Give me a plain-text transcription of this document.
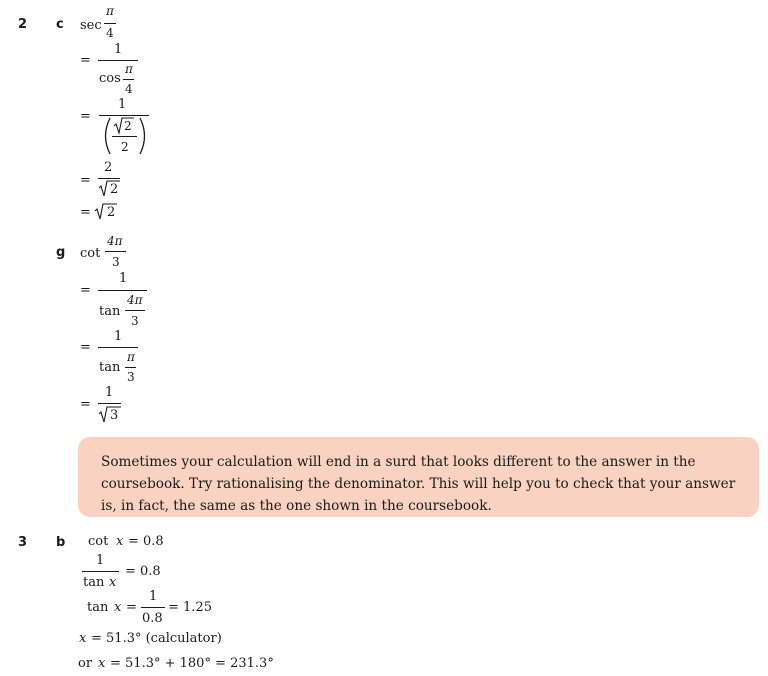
2 c
g
3 b
sec
π
4
=
1
cos
π
4
=
1
2
2
=
2
2
= 2
cot
4π
3
=
1
tan
4π
3
=
1
tan
π
3
=
1
3
Sometimes your calculation will end in a surd that looks different to the answer in the coursebook. Try rationalising the denominator. This will help you to check that your answer is, in fact, the same as the one shown in the coursebook.
cot x = 0.8
1
tan x
= 0.8
tan x =
1
0.8
= 1.25
x = 51.3° (calculator)
or x = 51.3° + 180° = 231.3°
